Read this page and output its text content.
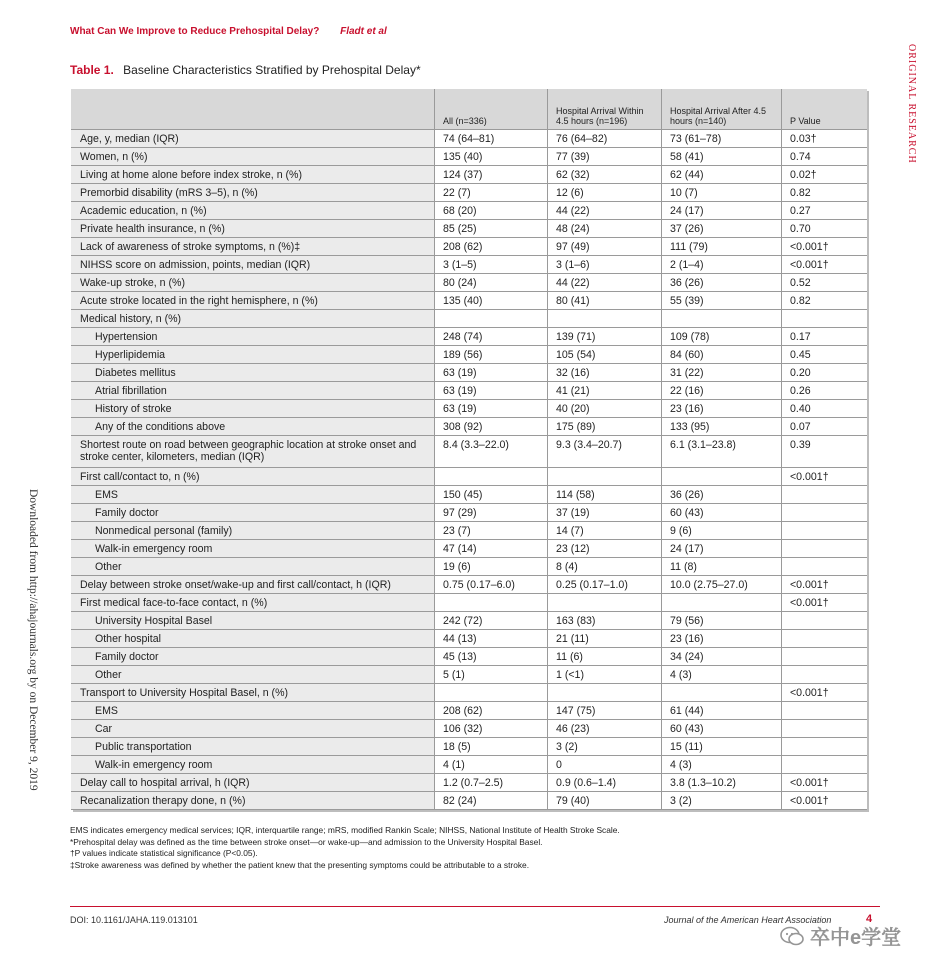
What Can We Improve to Reduce Prehospital Delay? Fladt et al
ORIGINAL RESEARCH
Downloaded from http://ahajournals.org by on December 9, 2019
Table 1. Baseline Characteristics Stratified by Prehospital Delay*
	All (n=336)	Hospital Arrival Within 4.5 hours (n=196)	Hospital Arrival After 4.5 hours (n=140)	P Value
Age, y, median (IQR)	74 (64–81)	76 (64–82)	73 (61–78)	0.03†
Women, n (%)	135 (40)	77 (39)	58 (41)	0.74
Living at home alone before index stroke, n (%)	124 (37)	62 (32)	62 (44)	0.02†
Premorbid disability (mRS 3–5), n (%)	22 (7)	12 (6)	10 (7)	0.82
Academic education, n (%)	68 (20)	44 (22)	24 (17)	0.27
Private health insurance, n (%)	85 (25)	48 (24)	37 (26)	0.70
Lack of awareness of stroke symptoms, n (%)‡	208 (62)	97 (49)	111 (79)	<0.001†
NIHSS score on admission, points, median (IQR)	3 (1–5)	3 (1–6)	2 (1–4)	<0.001†
Wake-up stroke, n (%)	80 (24)	44 (22)	36 (26)	0.52
Acute stroke located in the right hemisphere, n (%)	135 (40)	80 (41)	55 (39)	0.82
Medical history, n (%)				
Hypertension	248 (74)	139 (71)	109 (78)	0.17
Hyperlipidemia	189 (56)	105 (54)	84 (60)	0.45
Diabetes mellitus	63 (19)	32 (16)	31 (22)	0.20
Atrial fibrillation	63 (19)	41 (21)	22 (16)	0.26
History of stroke	63 (19)	40 (20)	23 (16)	0.40
Any of the conditions above	308 (92)	175 (89)	133 (95)	0.07
Shortest route on road between geographic location at stroke onset and stroke center, kilometers, median (IQR)	8.4 (3.3–22.0)	9.3 (3.4–20.7)	6.1 (3.1–23.8)	0.39
First call/contact to, n (%)				<0.001†
EMS	150 (45)	114 (58)	36 (26)	
Family doctor	97 (29)	37 (19)	60 (43)	
Nonmedical personal (family)	23 (7)	14 (7)	9 (6)	
Walk-in emergency room	47 (14)	23 (12)	24 (17)	
Other	19 (6)	8 (4)	11 (8)	
Delay between stroke onset/wake-up and first call/contact, h (IQR)	0.75 (0.17–6.0)	0.25 (0.17–1.0)	10.0 (2.75–27.0)	<0.001†
First medical face-to-face contact, n (%)				<0.001†
University Hospital Basel	242 (72)	163 (83)	79 (56)	
Other hospital	44 (13)	21 (11)	23 (16)	
Family doctor	45 (13)	11 (6)	34 (24)	
Other	5 (1)	1 (<1)	4 (3)	
Transport to University Hospital Basel, n (%)				<0.001†
EMS	208 (62)	147 (75)	61 (44)	
Car	106 (32)	46 (23)	60 (43)	
Public transportation	18 (5)	3 (2)	15 (11)	
Walk-in emergency room	4 (1)	0	4 (3)	
Delay call to hospital arrival, h (IQR)	1.2 (0.7–2.5)	0.9 (0.6–1.4)	3.8 (1.3–10.2)	<0.001†
Recanalization therapy done, n (%)	82 (24)	79 (40)	3 (2)	<0.001†

EMS indicates emergency medical services; IQR, interquartile range; mRS, modified Rankin Scale; NIHSS, National Institute of Health Stroke Scale.

*Prehospital delay was defined as the time between stroke onset—or wake-up—and admission to the University Hospital Basel.

†P values indicate statistical significance (P<0.05).

‡Stroke awareness was defined by whether the patient knew that the presenting symptoms could be attributable to a stroke.

DOI: 10.1161/JAHA.119.013101	Journal of the American Heart Association	4
卒中e学堂
